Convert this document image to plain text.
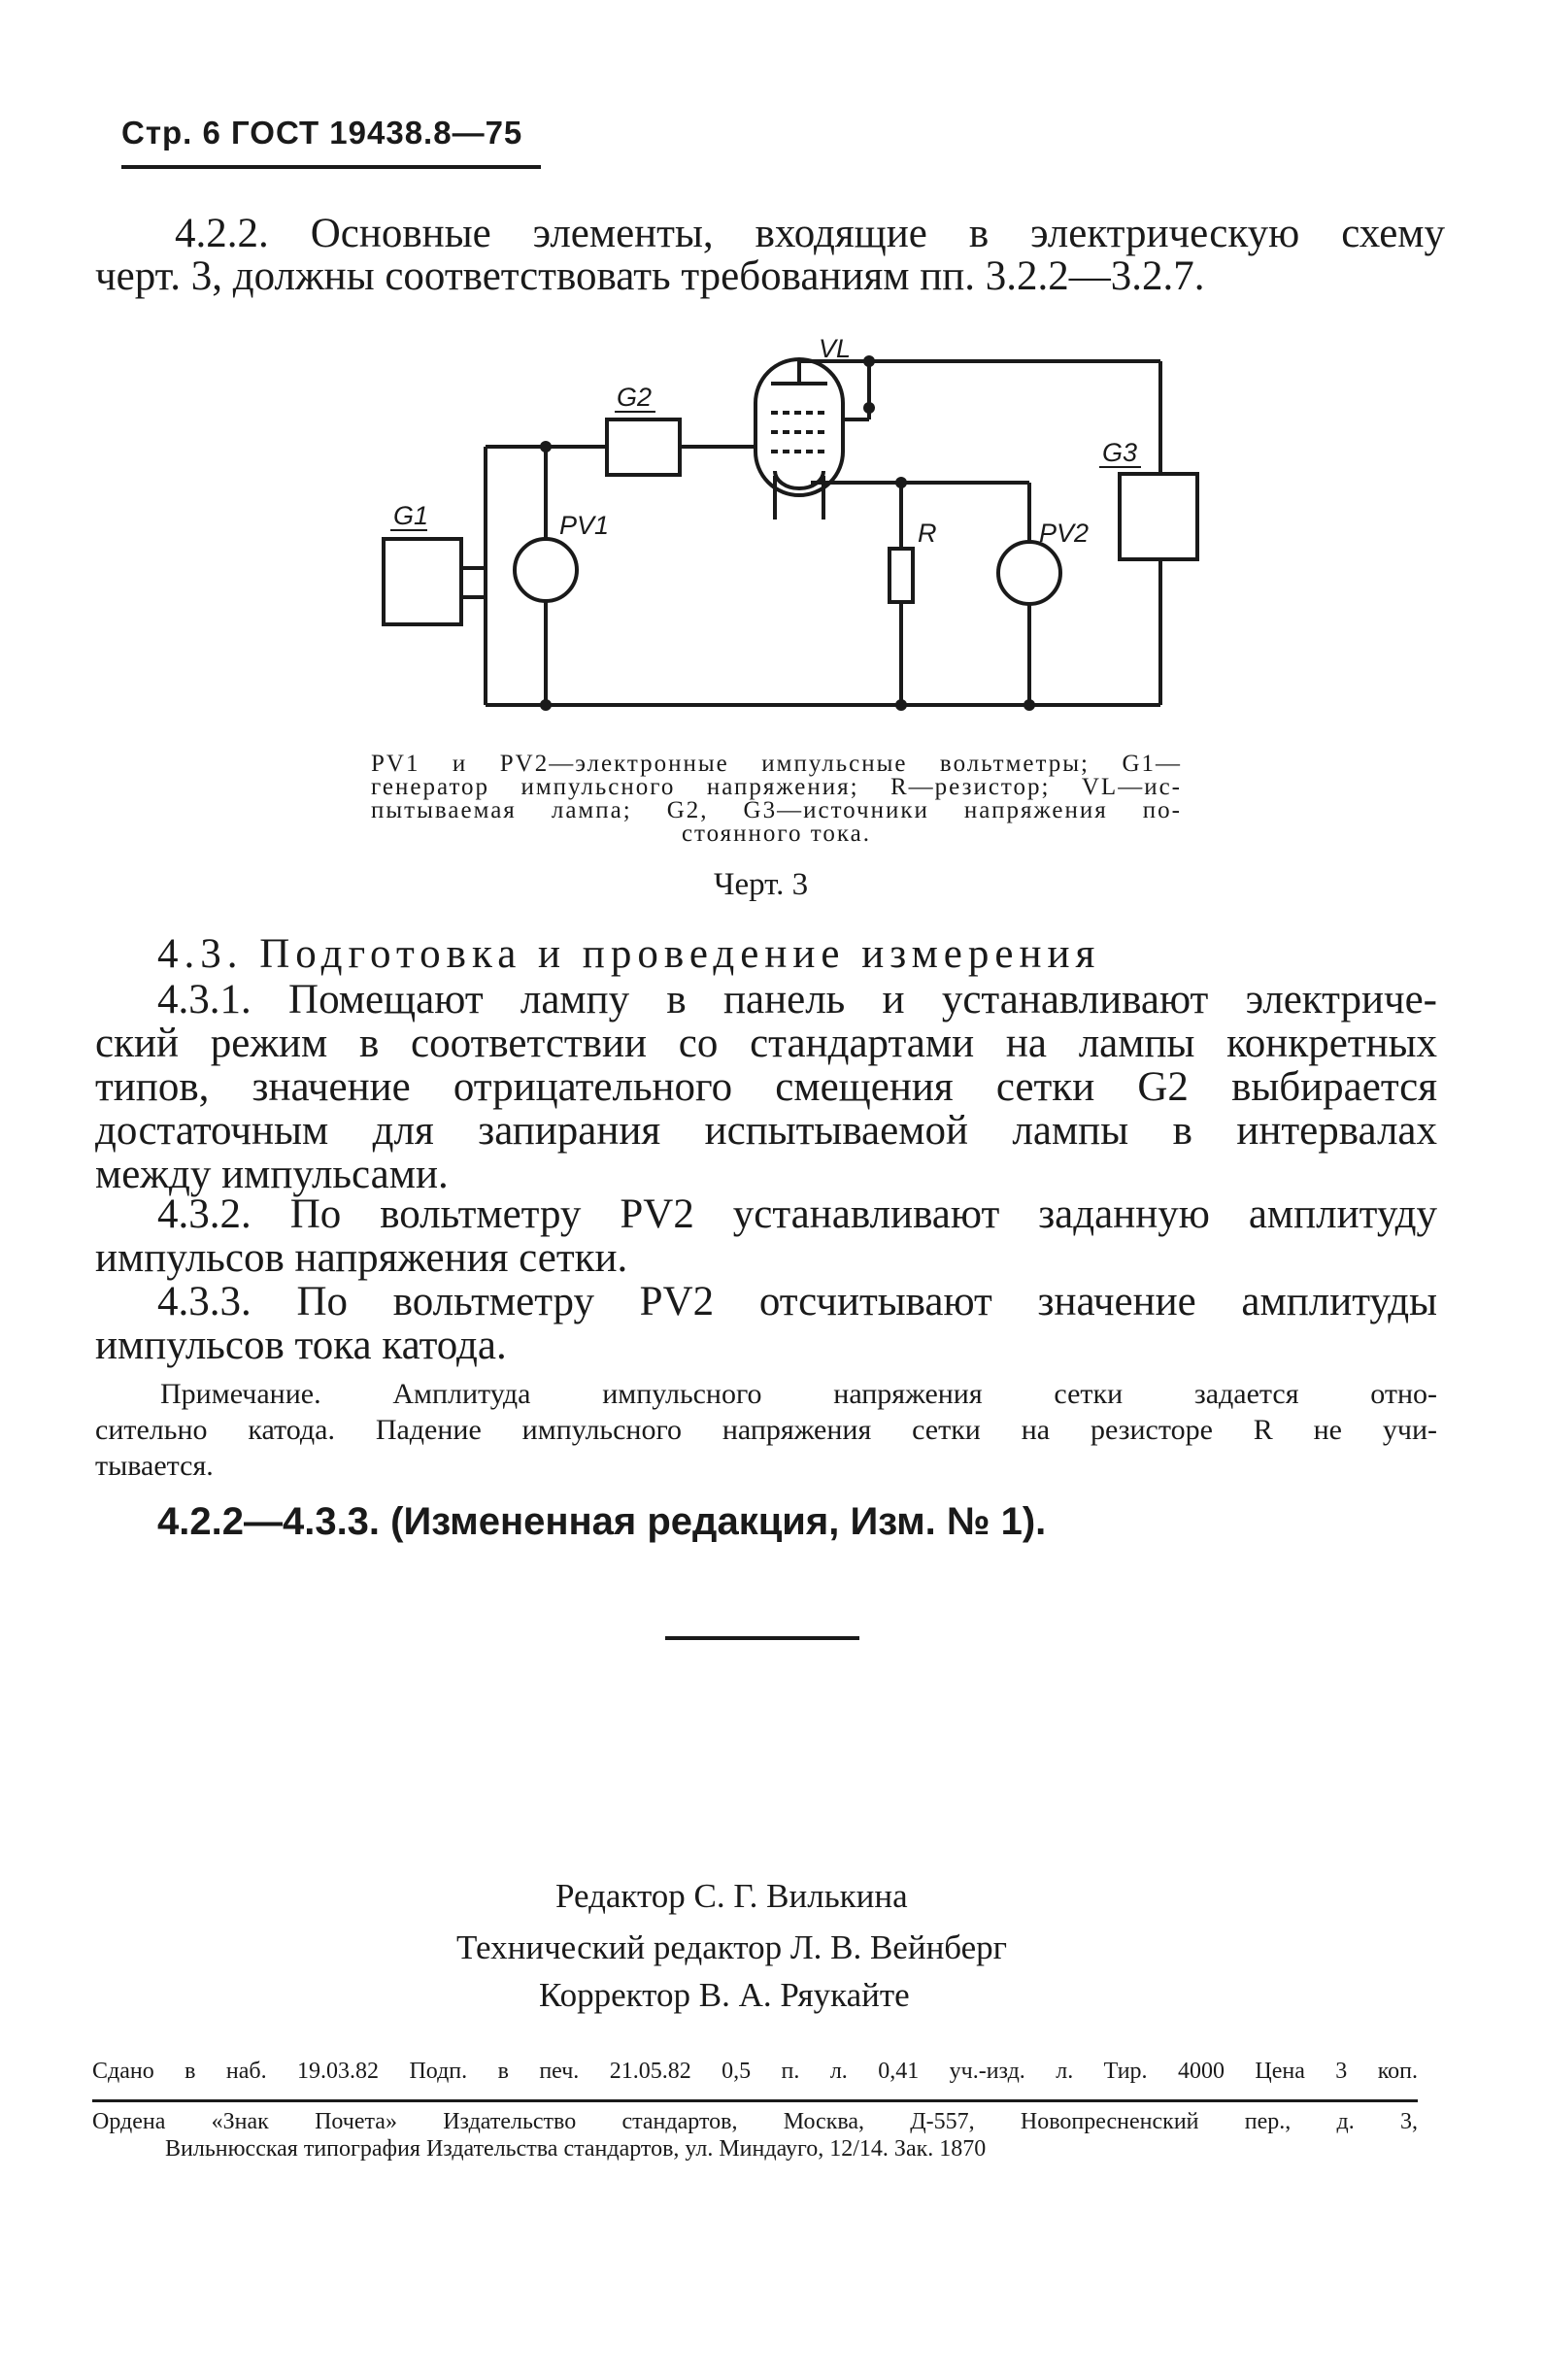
Стр. 6 ГОСТ 19438.8—75
4.2.2. Основные элементы, входящие в электрическую схему
черт. 3, должны соответствовать требованиям пп. 3.2.2—3.2.7.
G2
G1	PV1
VL
R	PV2
G3
PV1 и PV2—электронные импульсные вольтметры; G1—
генератор импульсного напряжения; R—резистор; VL—ис-
пытываемая лампа; G2, G3—источники напряжения по-
стоянного тока.
Черт. 3
4.3. Подготовка и проведение измерения
4.3.1. Помещают лампу в панель и устанавливают электриче-
ский режим в соответствии со стандартами на лампы конкретных
типов, значение отрицательного смещения сетки G2 выбирается
достаточным для запирания испытываемой лампы в интервалах
между импульсами.
4.3.2. По вольтметру PV2 устанавливают заданную амплитуду
импульсов напряжения сетки.
4.3.3. По вольтметру PV2 отсчитывают значение амплитуды
импульсов тока катода.
Примечание. Амплитуда импульсного напряжения сетки задается отно-
сительно катода. Падение импульсного напряжения сетки на резисторе R не учи-
тывается.
4.2.2—4.3.3. (Измененная редакция, Изм. № 1).
Редактор С. Г. Вилькина
Технический редактор Л. В. Вейнберг
Корректор В. А. Ряукайте
Сдано в наб. 19.03.82 Подп. в печ. 21.05.82 0,5 п. л. 0,41 уч.-изд. л. Тир. 4000 Цена 3 коп.
Ордена «Знак Почета» Издательство стандартов, Москва, Д-557, Новопресненский пер., д. 3,
Вильнюсская типография Издательства стандартов, ул. Миндауго, 12/14. Зак. 1870
